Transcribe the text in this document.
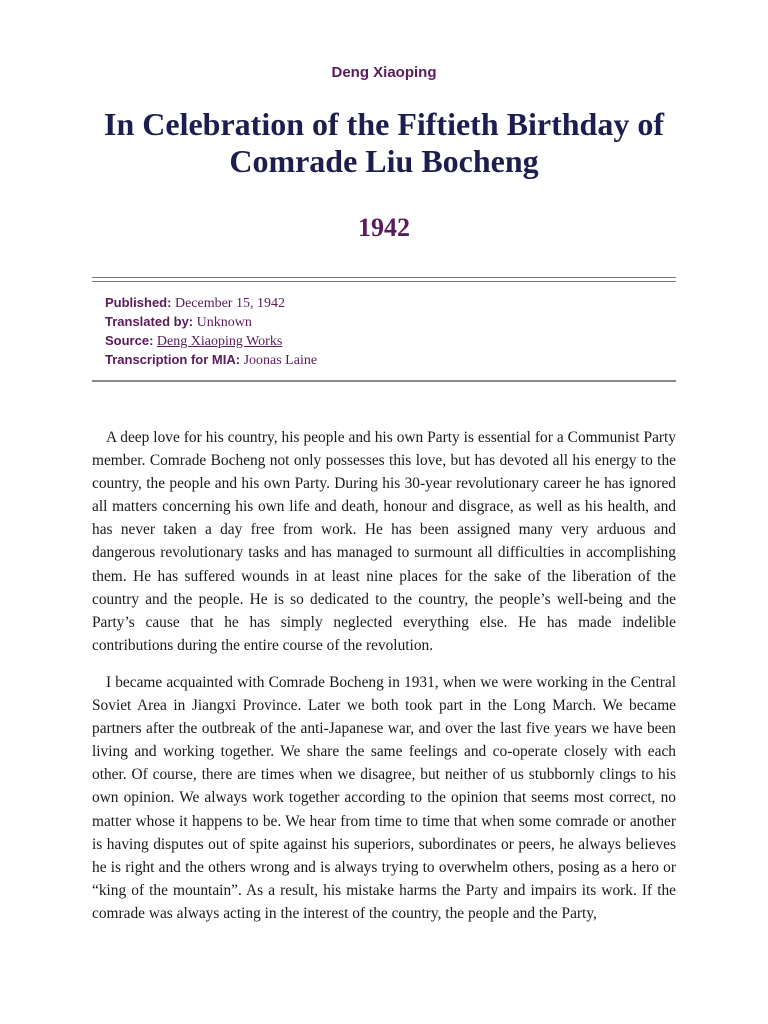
Deng Xiaoping
In Celebration of the Fiftieth Birthday of Comrade Liu Bocheng
1942
Published: December 15, 1942
Translated by: Unknown
Source: Deng Xiaoping Works
Transcription for MIA: Joonas Laine

A deep love for his country, his people and his own Party is essential for a Communist Party member. Comrade Bocheng not only possesses this love, but has devoted all his energy to the country, the people and his own Party. During his 30-year revolutionary career he has ignored all matters concerning his own life and death, honour and disgrace, as well as his health, and has never taken a day free from work. He has been assigned many very arduous and dangerous revolutionary tasks and has managed to surmount all difficulties in accomplishing them. He has suffered wounds in at least nine places for the sake of the liberation of the country and the people. He is so dedicated to the country, the people’s well-being and the Party’s cause that he has simply neglected everything else. He has made indelible contributions during the entire course of the revolution.

I became acquainted with Comrade Bocheng in 1931, when we were working in the Central Soviet Area in Jiangxi Province. Later we both took part in the Long March. We became partners after the outbreak of the anti-Japanese war, and over the last five years we have been living and working together. We share the same feelings and co-operate closely with each other. Of course, there are times when we disagree, but neither of us stubbornly clings to his own opinion. We always work together according to the opinion that seems most correct, no matter whose it happens to be. We hear from time to time that when some comrade or another is having disputes out of spite against his superiors, subordinates or peers, he always believes he is right and the others wrong and is always trying to overwhelm others, posing as a hero or “king of the mountain”. As a result, his mistake harms the Party and impairs its work. If the comrade was always acting in the interest of the country, the people and the Party,
